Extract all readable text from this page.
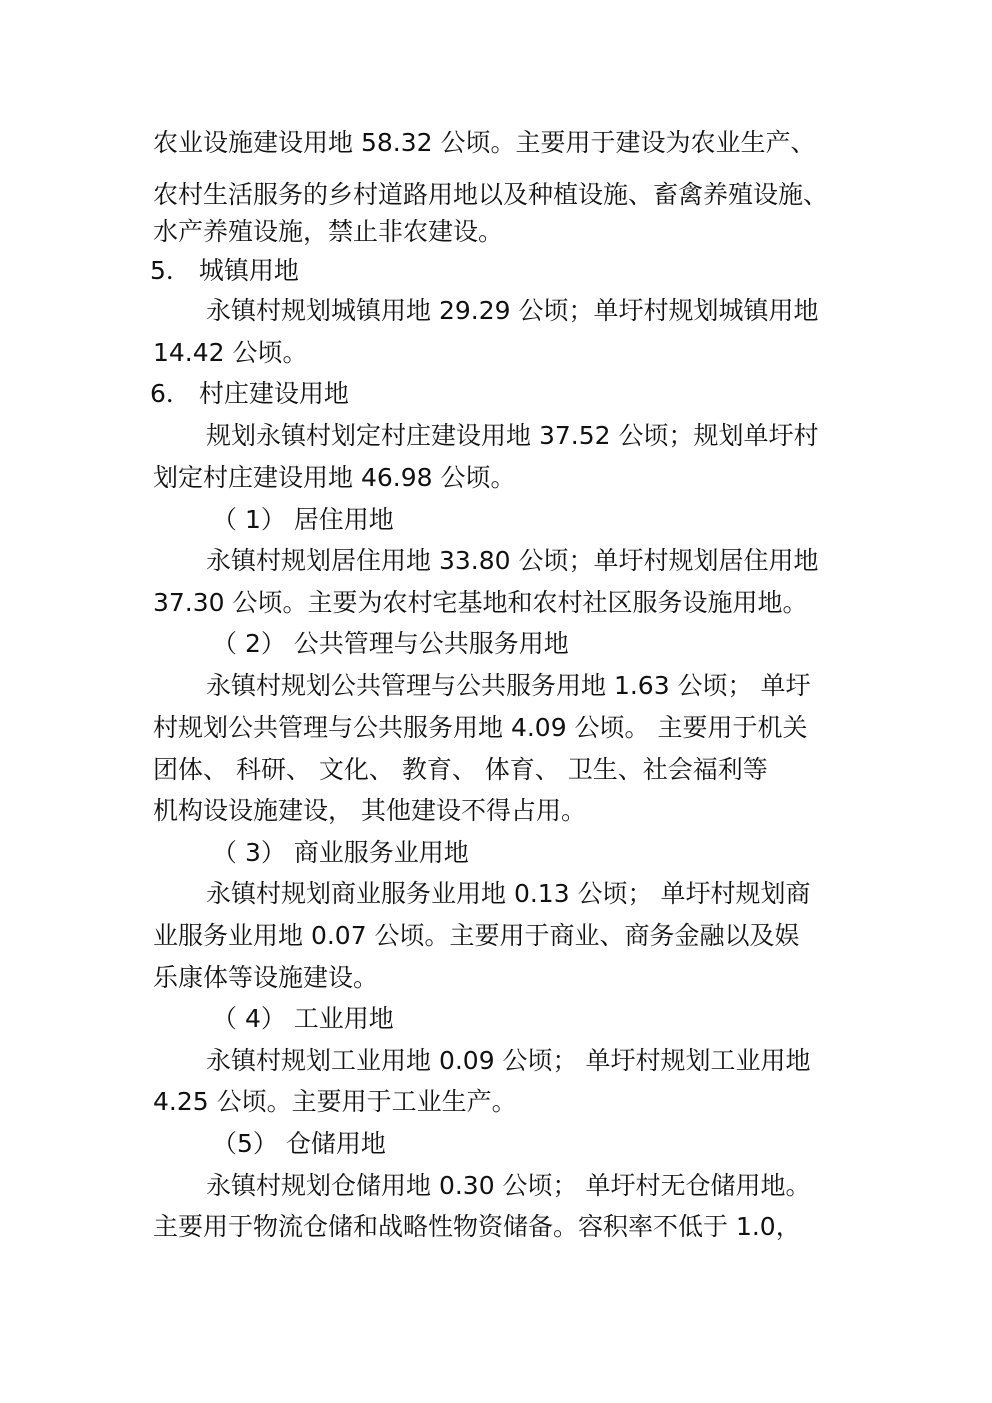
农业设施建设用地 58.32 公顷。主要用于建设为农业生产、
农村生活服务的乡村道路用地以及种植设施、畜禽养殖设施、
水产养殖设施，禁止非农建设。
5． 城镇用地
永镇村规划城镇用地 29.29 公顷；单圩村规划城镇用地
14.42 公顷。
6． 村庄建设用地
规划永镇村划定村庄建设用地 37.52 公顷；规划单圩村
划定村庄建设用地 46.98 公顷。
（ 1） 居住用地
永镇村规划居住用地 33.80 公顷；单圩村规划居住用地
37.30 公顷。主要为农村宅基地和农村社区服务设施用地。
（ 2） 公共管理与公共服务用地
永镇村规划公共管理与公共服务用地 1.63 公顷； 单圩
村规划公共管理与公共服务用地 4.09 公顷。 主要用于机关
团体、 科研、 文化、 教育、 体育、 卫生、社会福利等
机构设设施建设， 其他建设不得占用。
（ 3） 商业服务业用地
永镇村规划商业服务业用地 0.13 公顷； 单圩村规划商
业服务业用地 0.07 公顷。主要用于商业、商务金融以及娱
乐康体等设施建设。
（ 4） 工业用地
永镇村规划工业用地 0.09 公顷； 单圩村规划工业用地
4.25 公顷。主要用于工业生产。
（5） 仓储用地
永镇村规划仓储用地 0.30 公顷； 单圩村无仓储用地。
主要用于物流仓储和战略性物资储备。容积率不低于 1.0，
